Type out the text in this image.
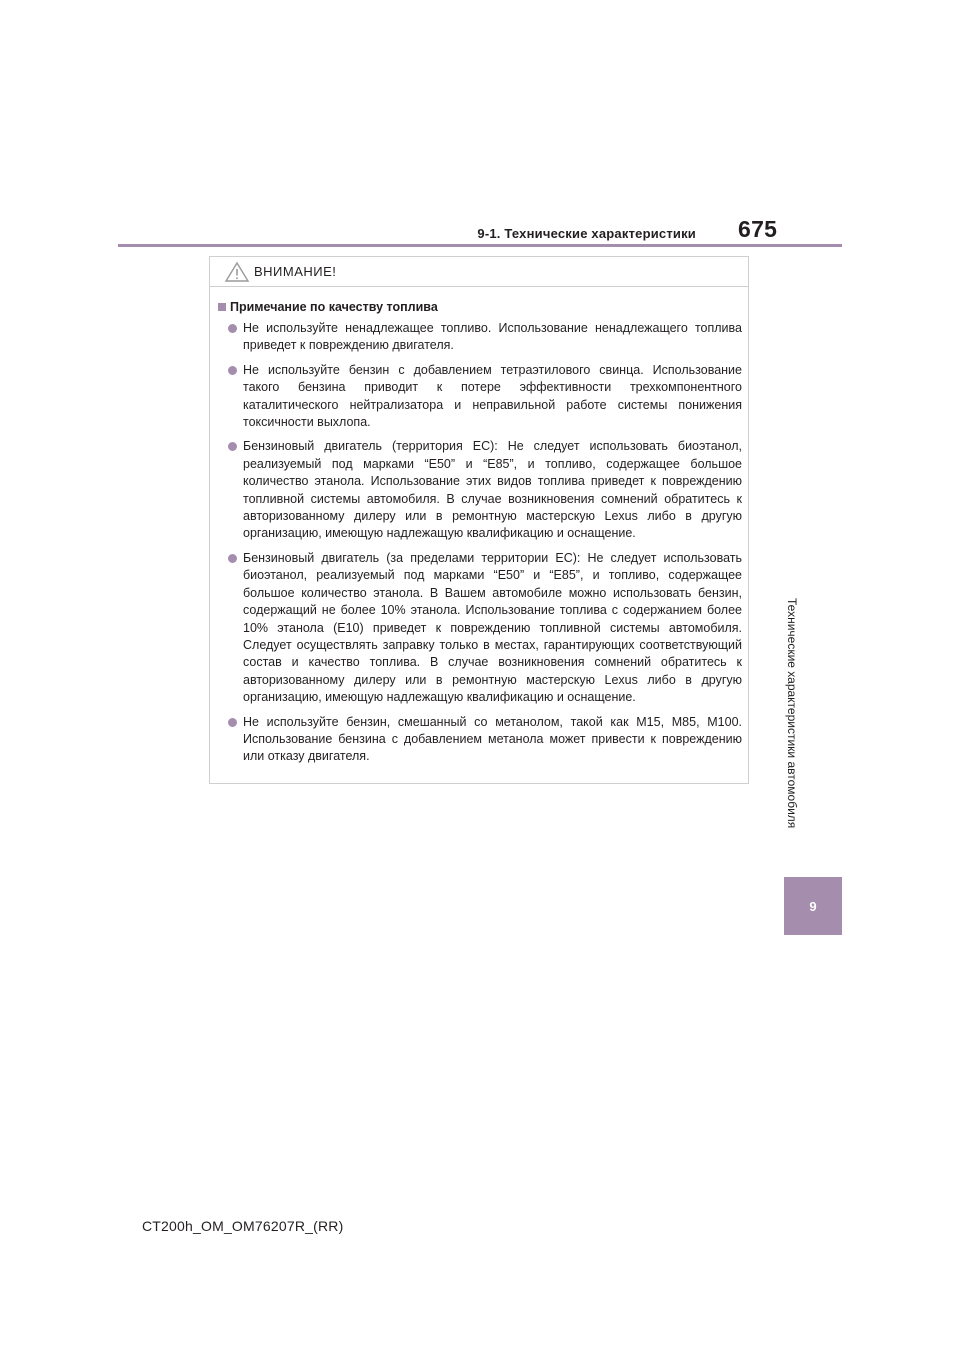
9-1. Технические характеристики 675
Технические характеристики автомобиля
9
ВНИМАНИЕ!
Примечание по качеству топлива
Не используйте ненадлежащее топливо. Использование ненадлежащего топлива приведет к повреждению двигателя.
Не используйте бензин с добавлением тетраэтилового свинца. Использование такого бензина приводит к потере эффективности трехкомпонентного каталитического нейтрализатора и неправильной работе системы понижения токсичности выхлопа.
Бензиновый двигатель (территория ЕС): Не следует использовать биоэтанол, реализуемый под марками “E50” и “E85”, и топливо, содержащее большое количество этанола. Использование этих видов топлива приведет к повреждению топливной системы автомобиля. В случае возникновения сомнений обратитесь к авторизованному дилеру или в ремонтную мастерскую Lexus либо в другую организацию, имеющую надлежащую квалификацию и оснащение.
Бензиновый двигатель (за пределами территории ЕС): Не следует использовать биоэтанол, реализуемый под марками “E50” и “E85”, и топливо, содержащее большое количество этанола. В Вашем автомобиле можно использовать бензин, содержащий не более 10% этанола. Использование топлива с содержанием более 10% этанола (E10) приведет к повреждению топливной системы автомобиля. Следует осуществлять заправку только в местах, гарантирующих соответствующий состав и качество топлива. В случае возникновения сомнений обратитесь к авторизованному дилеру или в ремонтную мастерскую Lexus либо в другую организацию, имеющую надлежащую квалификацию и оснащение.
Не используйте бензин, смешанный со метанолом, такой как M15, M85, M100. Использование бензина с добавлением метанола может привести к повреждению или отказу двигателя.
CT200h_OM_OM76207R_(RR)
